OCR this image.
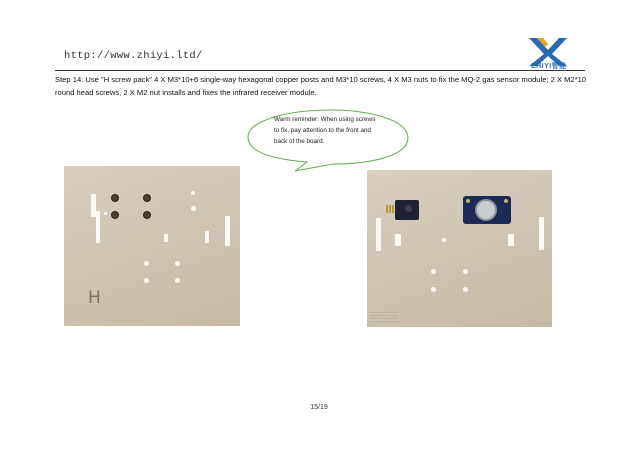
http://www.zhiyi.ltd/
ZHIYI智能
Step 14: Use "H screw pack" 4 X M3*10+6 single-way hexagonal copper posts and M3*10 screws, 4 X M3 nuts to fix the MQ-2 gas sensor module; 2 X M2*10 round head screws, 2 X M2 nut installs and fixes the infrared receiver module.
Warm reminder: When using screws
to fix, pay attention to the front and
back of the board.
H
15/19
